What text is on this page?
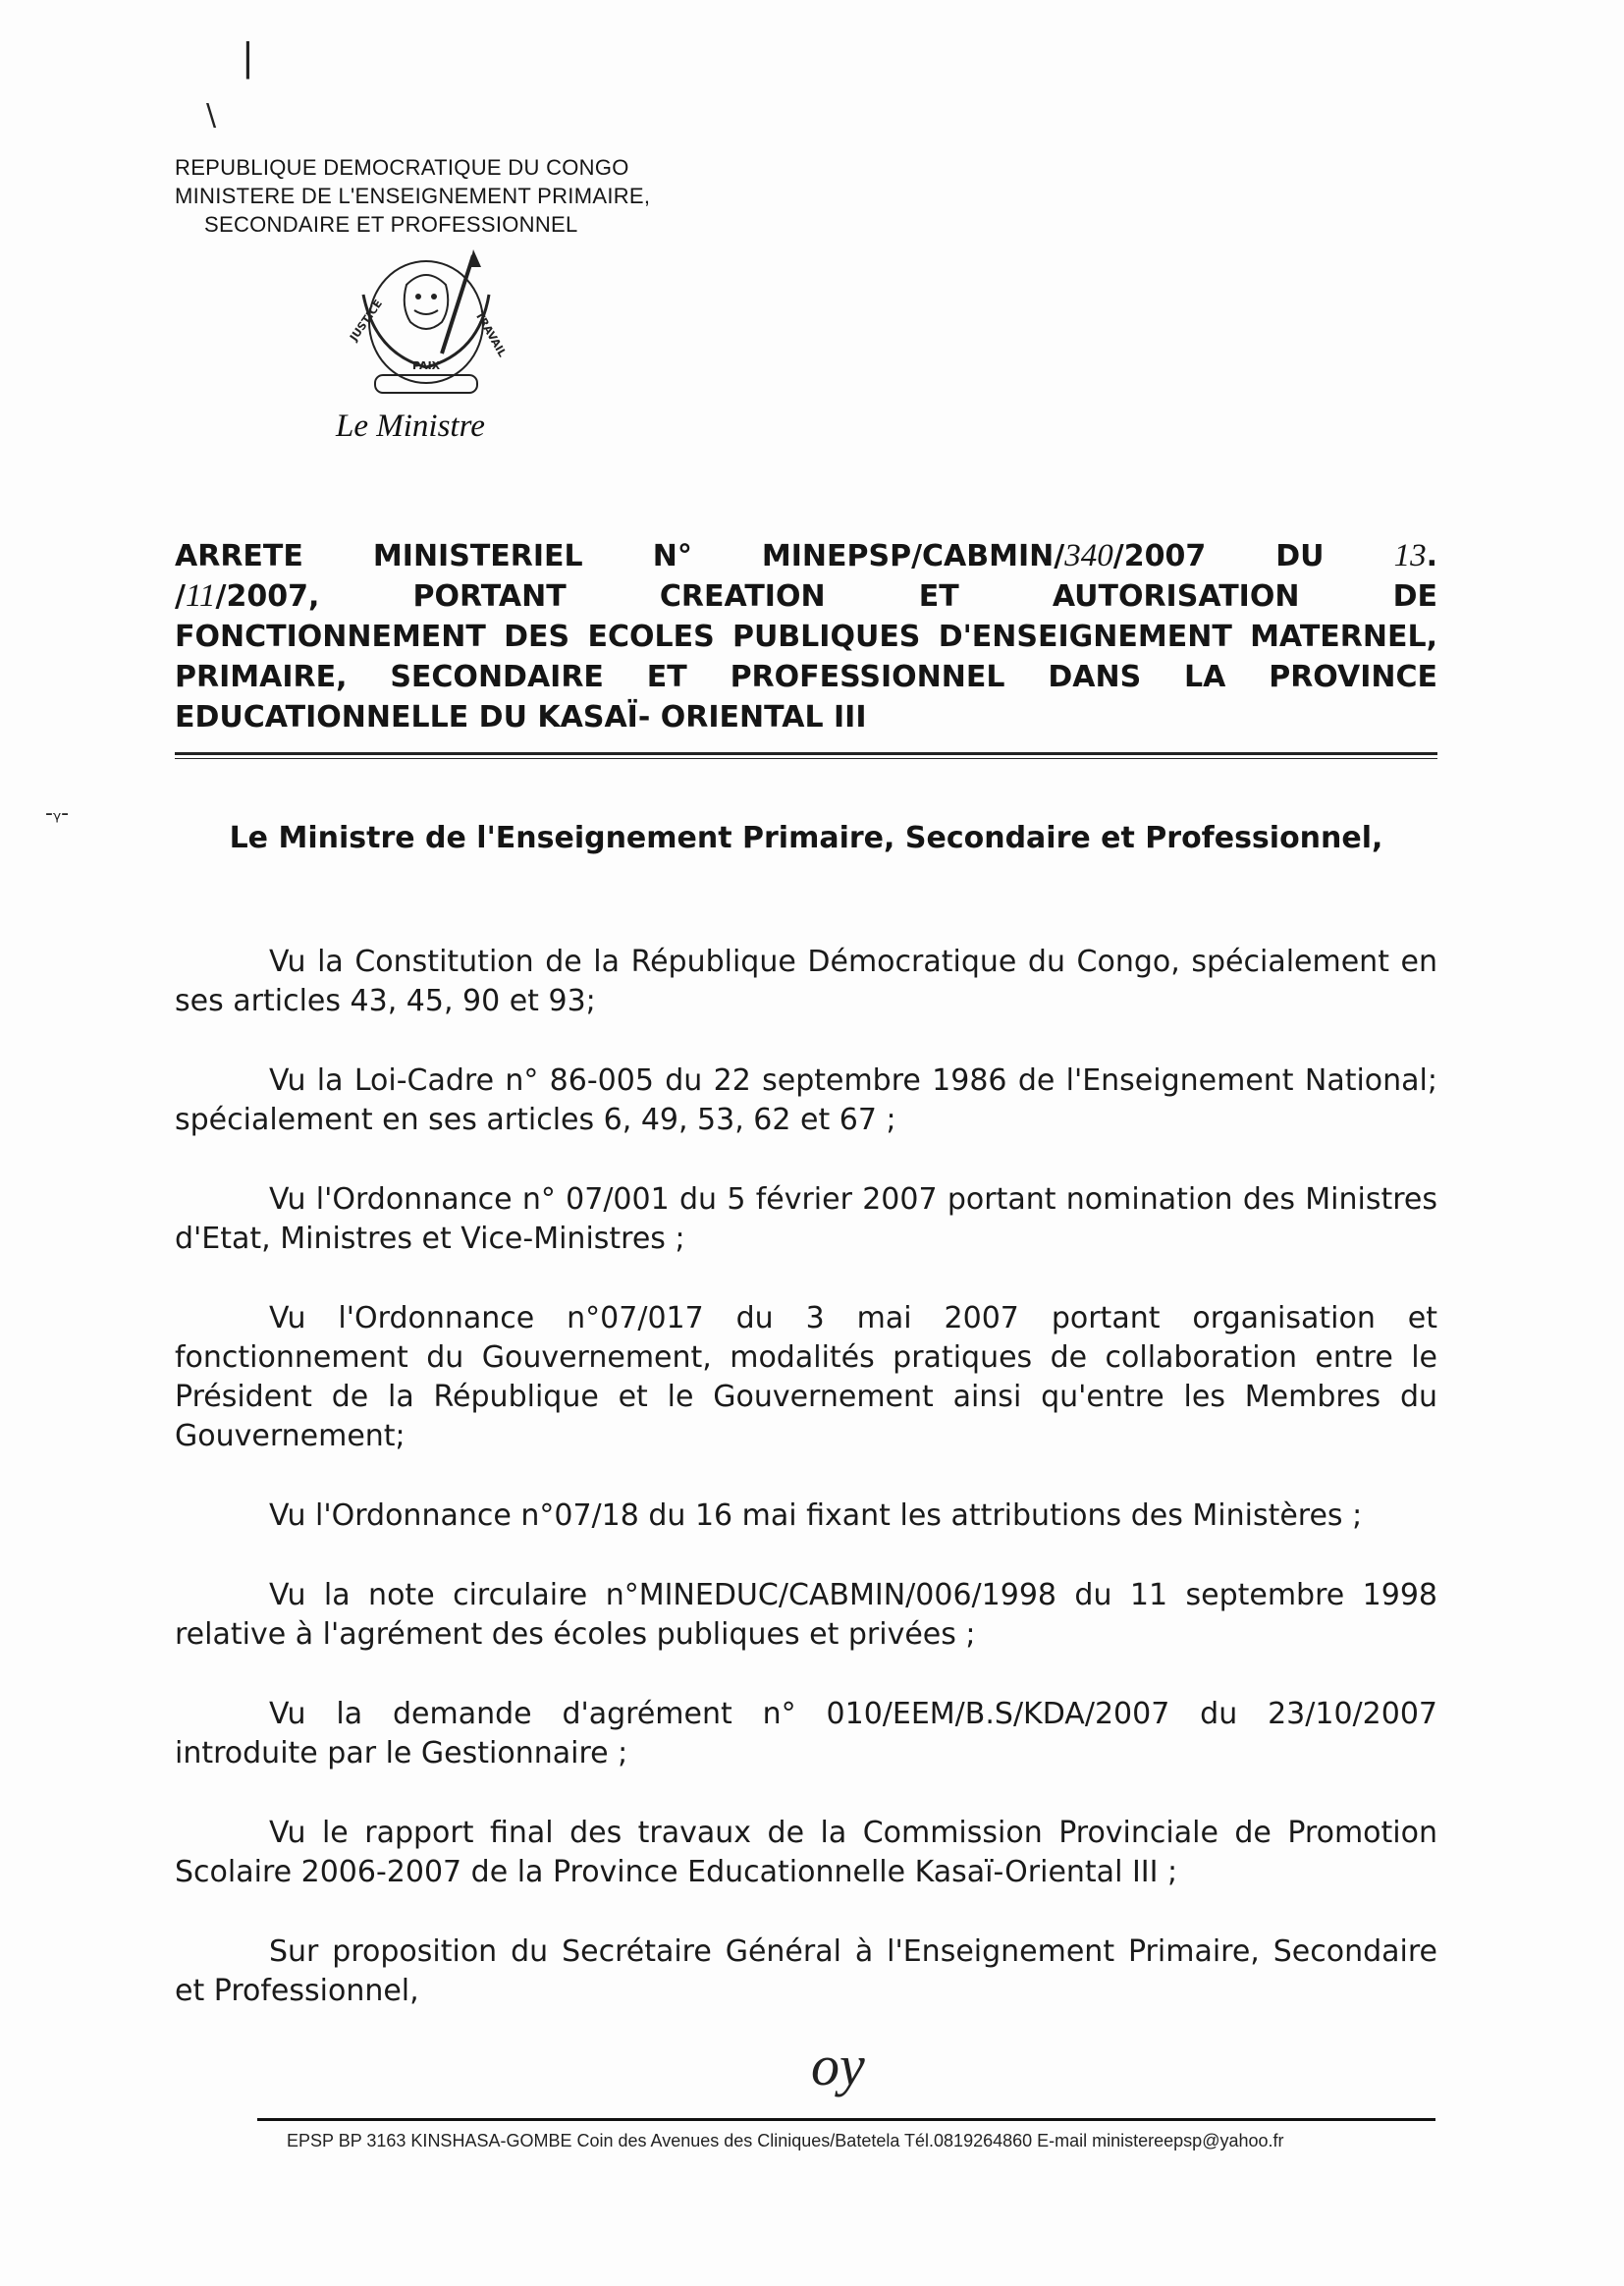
|
\
REPUBLIQUE DEMOCRATIQUE DU CONGO
MINISTERE DE L'ENSEIGNEMENT PRIMAIRE,
SECONDAIRE ET PROFESSIONNEL
JUSTICE
PAIX
TRAVAIL
Le Ministre
ARRETE MINISTERIEL N° MINEPSP/CABMIN/340/2007 DU 13.
/11/2007, PORTANT CREATION ET AUTORISATION DE
FONCTIONNEMENT DES ECOLES PUBLIQUES D'ENSEIGNEMENT MATERNEL,
PRIMAIRE, SECONDAIRE ET PROFESSIONNEL DANS LA PROVINCE
EDUCATIONNELLE DU KASAÏ- ORIENTAL III
-ᵧ-
Le Ministre de l'Enseignement Primaire, Secondaire et Professionnel,

Vu la Constitution de la République Démocratique du Congo, spécialement en ses articles 43, 45, 90 et 93;

Vu la Loi-Cadre n° 86-005 du 22 septembre 1986 de l'Enseignement National; spécialement en ses articles 6, 49, 53, 62 et 67 ;

Vu l'Ordonnance n° 07/001 du 5 février 2007 portant nomination des Ministres d'Etat, Ministres et Vice-Ministres ;

Vu l'Ordonnance n°07/017 du 3 mai 2007 portant organisation et fonctionnement du Gouvernement, modalités pratiques de collaboration entre le Président de la République et le Gouvernement ainsi qu'entre les Membres du Gouvernement;

Vu l'Ordonnance n°07/18 du 16 mai fixant les attributions des Ministères ;

Vu la note circulaire n°MINEDUC/CABMIN/006/1998 du 11 septembre 1998 relative à l'agrément des écoles publiques et privées ;

Vu la demande d'agrément n° 010/EEM/B.S/KDA/2007 du 23/10/2007 introduite par le Gestionnaire ;

Vu le rapport final des travaux de la Commission Provinciale de Promotion Scolaire 2006-2007 de la Province Educationnelle Kasaï-Oriental III ;

Sur proposition du Secrétaire Général à l'Enseignement Primaire, Secondaire et Professionnel,

oy
EPSP BP 3163 KINSHASA-GOMBE Coin des Avenues des Cliniques/Batetela Tél.0819264860 E-mail ministereepsp@yahoo.fr
